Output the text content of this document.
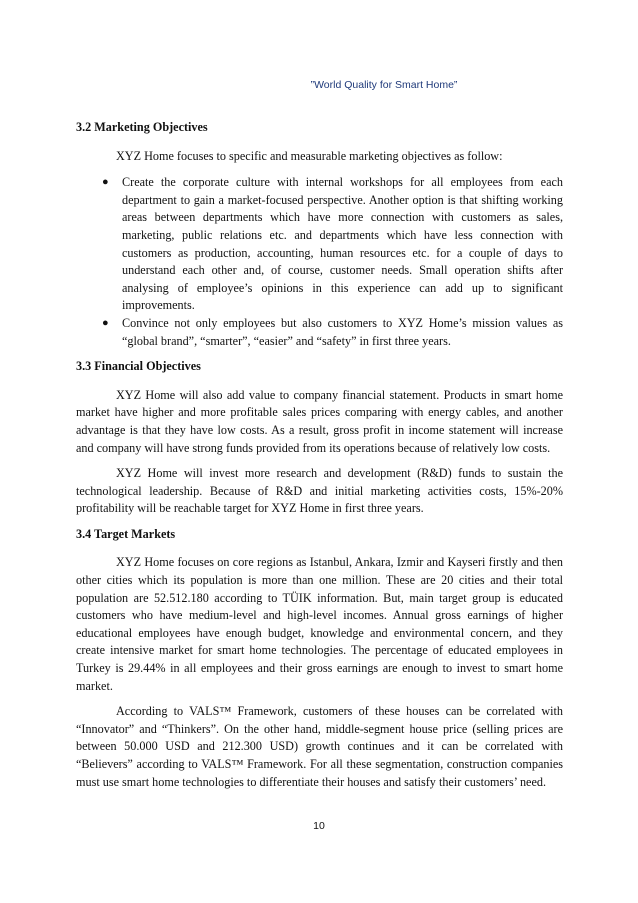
”World Quality for Smart Home”
3.2 Marketing Objectives

XYZ Home focuses to specific and measurable marketing objectives as follow:

● Create the corporate culture with internal workshops for all employees from each department to gain a market-focused perspective. Another option is that shifting working areas between departments which have more connection with customers as sales, marketing, public relations etc. and departments which have less connection with customers as production, accounting, human resources etc. for a couple of days to understand each other and, of course, customer needs. Small operation shifts after analysing of employee’s opinions in this experience can add up to significant improvements.
● Convince not only employees but also customers to XYZ Home’s mission values as “global brand”, “smarter”, “easier” and “safety” in first three years.
3.3 Financial Objectives

XYZ Home will also add value to company financial statement. Products in smart home market have higher and more profitable sales prices comparing with energy cables, and another advantage is that they have low costs. As a result, gross profit in income statement will increase and company will have strong funds provided from its operations because of relatively low costs.

XYZ Home will invest more research and development (R&D) funds to sustain the technological leadership. Because of R&D and initial marketing activities costs, 15%-20% profitability will be reachable target for XYZ Home in first three years.

3.4 Target Markets

XYZ Home focuses on core regions as Istanbul, Ankara, Izmir and Kayseri firstly and then other cities which its population is more than one million. These are 20 cities and their total population are 52.512.180 according to TÜIK information. But, main target group is educated customers who have medium-level and high-level incomes. Annual gross earnings of higher educational employees have enough budget, knowledge and environmental concern, and they create intensive market for smart home technologies. The percentage of educated employees in Turkey is 29.44% in all employees and their gross earnings are enough to invest to smart home market.

According to VALS™ Framework, customers of these houses can be correlated with “Innovator” and “Thinkers”. On the other hand, middle-segment house price (selling prices are between 50.000 USD and 212.300 USD) growth continues and it can be correlated with “Believers” according to VALS™ Framework. For all these segmentation, construction companies must use smart home technologies to differentiate their houses and satisfy their customers’ need.

10
